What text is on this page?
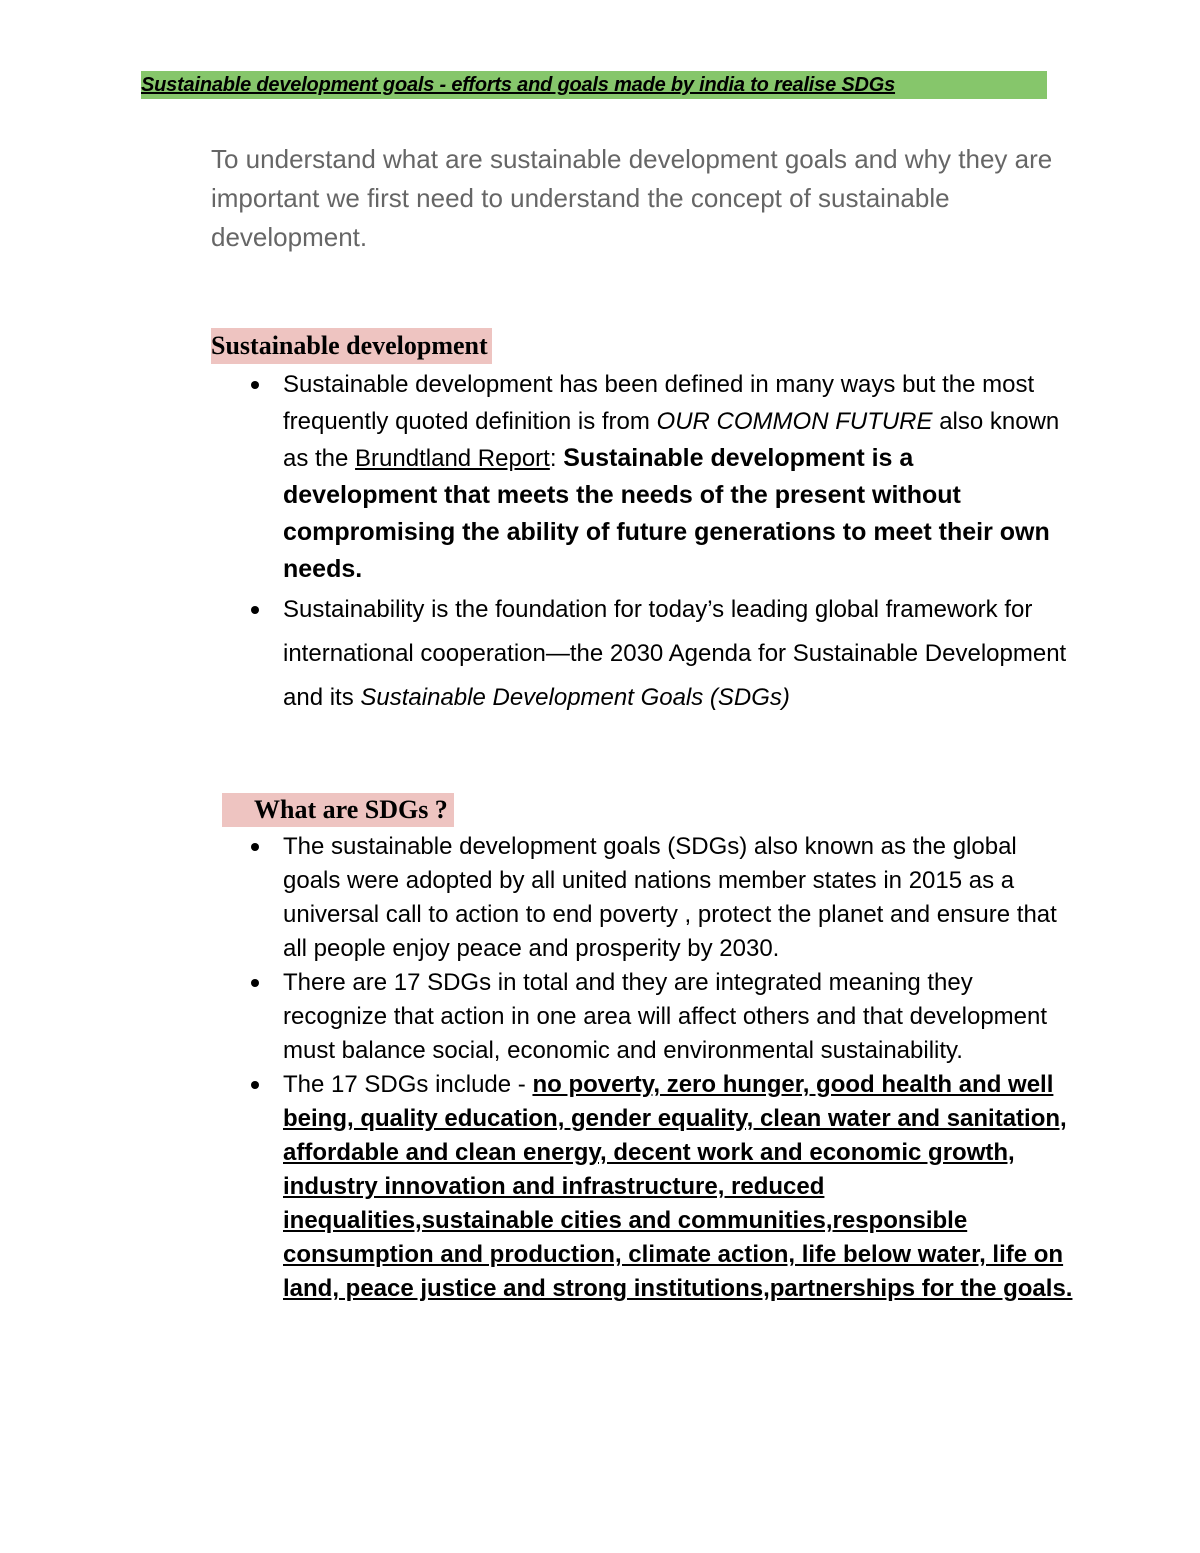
Sustainable development goals - efforts and goals made by india to realise SDGs
To understand what are sustainable development goals and why they are important we first need to understand the concept of sustainable development.
Sustainable development
Sustainable development has been defined in many ways but the most frequently quoted definition is from OUR COMMON FUTURE also known as the Brundtland Report: Sustainable development is a development that meets the needs of the present without compromising the ability of future generations to meet their own needs.
Sustainability is the foundation for today’s leading global framework for international cooperation—the 2030 Agenda for Sustainable Development and its Sustainable Development Goals (SDGs)
What are SDGs ?
The sustainable development goals (SDGs) also known as the global goals were adopted by all united nations member states in 2015 as a universal call to action to end poverty , protect the planet and ensure that all people enjoy peace and prosperity by 2030.
There are 17 SDGs in total and they are integrated meaning they recognize that action in one area will affect others and that development must balance social, economic and environmental sustainability.
The 17 SDGs include - no poverty, zero hunger, good health and well being, quality education, gender equality, clean water and sanitation, affordable and clean energy, decent work and economic growth, industry innovation and infrastructure, reduced inequalities,sustainable cities and communities,responsible consumption and production, climate action, life below water, life on land, peace justice and strong institutions,partnerships for the goals.
